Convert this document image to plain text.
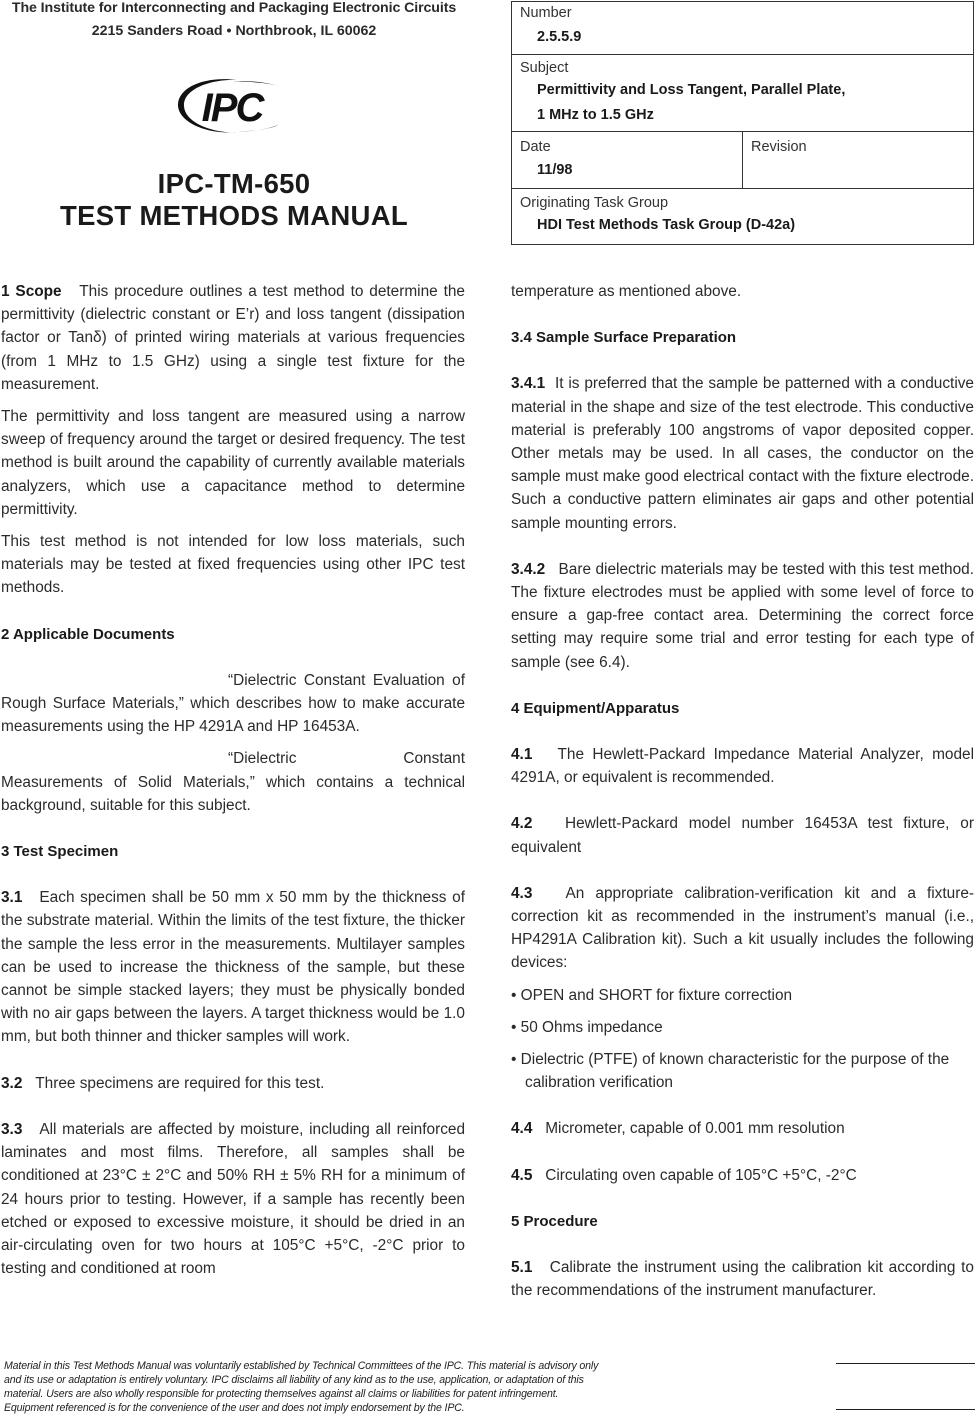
The Institute for Interconnecting and Packaging Electronic Circuits
2215 Sanders Road • Northbrook, IL 60062
IPC
IPC-TM-650
TEST METHODS MANUAL
Number
2.5.5.9
Subject
Permittivity and Loss Tangent, Parallel Plate,
1 MHz to 1.5 GHz
Date
11/98
Revision
Originating Task Group
HDI Test Methods Task Group (D-42a)

1 Scope This procedure outlines a test method to determine the permittivity (dielectric constant or E’r) and loss tangent (dissipation factor or Tanδ) of printed wiring materials at various frequencies (from 1 MHz to 1.5 GHz) using a single test fixture for the measurement.

The permittivity and loss tangent are measured using a narrow sweep of frequency around the target or desired frequency. The test method is built around the capability of currently available materials analyzers, which use a capacitance method to determine permittivity.

This test method is not intended for low loss materials, such materials may be tested at fixed frequencies using other IPC test methods.

2 Applicable Documents

“Dielectric Constant Evaluation of Rough Surface Materials,” which describes how to make accurate measurements using the HP 4291A and HP 16453A.

“Dielectric Constant Measurements of Solid Materials,” which contains a technical background, suitable for this subject.

3 Test Specimen

3.1 Each specimen shall be 50 mm x 50 mm by the thickness of the substrate material. Within the limits of the test fixture, the thicker the sample the less error in the measurements. Multilayer samples can be used to increase the thickness of the sample, but these cannot be simple stacked layers; they must be physically bonded with no air gaps between the layers. A target thickness would be 1.0 mm, but both thinner and thicker samples will work.

3.2 Three specimens are required for this test.

3.3 All materials are affected by moisture, including all reinforced laminates and most films. Therefore, all samples shall be conditioned at 23°C ± 2°C and 50% RH ± 5% RH for a minimum of 24 hours prior to testing. However, if a sample has recently been etched or exposed to excessive moisture, it should be dried in an air-circulating oven for two hours at 105°C +5°C, -2°C prior to testing and conditioned at room

temperature as mentioned above.

3.4 Sample Surface Preparation

3.4.1 It is preferred that the sample be patterned with a conductive material in the shape and size of the test electrode. This conductive material is preferably 100 angstroms of vapor deposited copper. Other metals may be used. In all cases, the conductor on the sample must make good electrical contact with the fixture electrode. Such a conductive pattern eliminates air gaps and other potential sample mounting errors.

3.4.2 Bare dielectric materials may be tested with this test method. The fixture electrodes must be applied with some level of force to ensure a gap-free contact area. Determining the correct force setting may require some trial and error testing for each type of sample (see 6.4).

4 Equipment/Apparatus

4.1 The Hewlett-Packard Impedance Material Analyzer, model 4291A, or equivalent is recommended.

4.2 Hewlett-Packard model number 16453A test fixture, or equivalent

4.3 An appropriate calibration-verification kit and a fixture-correction kit as recommended in the instrument’s manual (i.e., HP4291A Calibration kit). Such a kit usually includes the following devices:

• OPEN and SHORT for fixture correction

• 50 Ohms impedance

• Dielectric (PTFE) of known characteristic for the purpose of the calibration verification

4.4 Micrometer, capable of 0.001 mm resolution

4.5 Circulating oven capable of 105°C +5°C, -2°C

5 Procedure

5.1 Calibrate the instrument using the calibration kit according to the recommendations of the instrument manufacturer.

Material in this Test Methods Manual was voluntarily established by Technical Committees of the IPC. This material is advisory only
and its use or adaptation is entirely voluntary. IPC disclaims all liability of any kind as to the use, application, or adaptation of this
material. Users are also wholly responsible for protecting themselves against all claims or liabilities for patent infringement.
Equipment referenced is for the convenience of the user and does not imply endorsement by the IPC.
